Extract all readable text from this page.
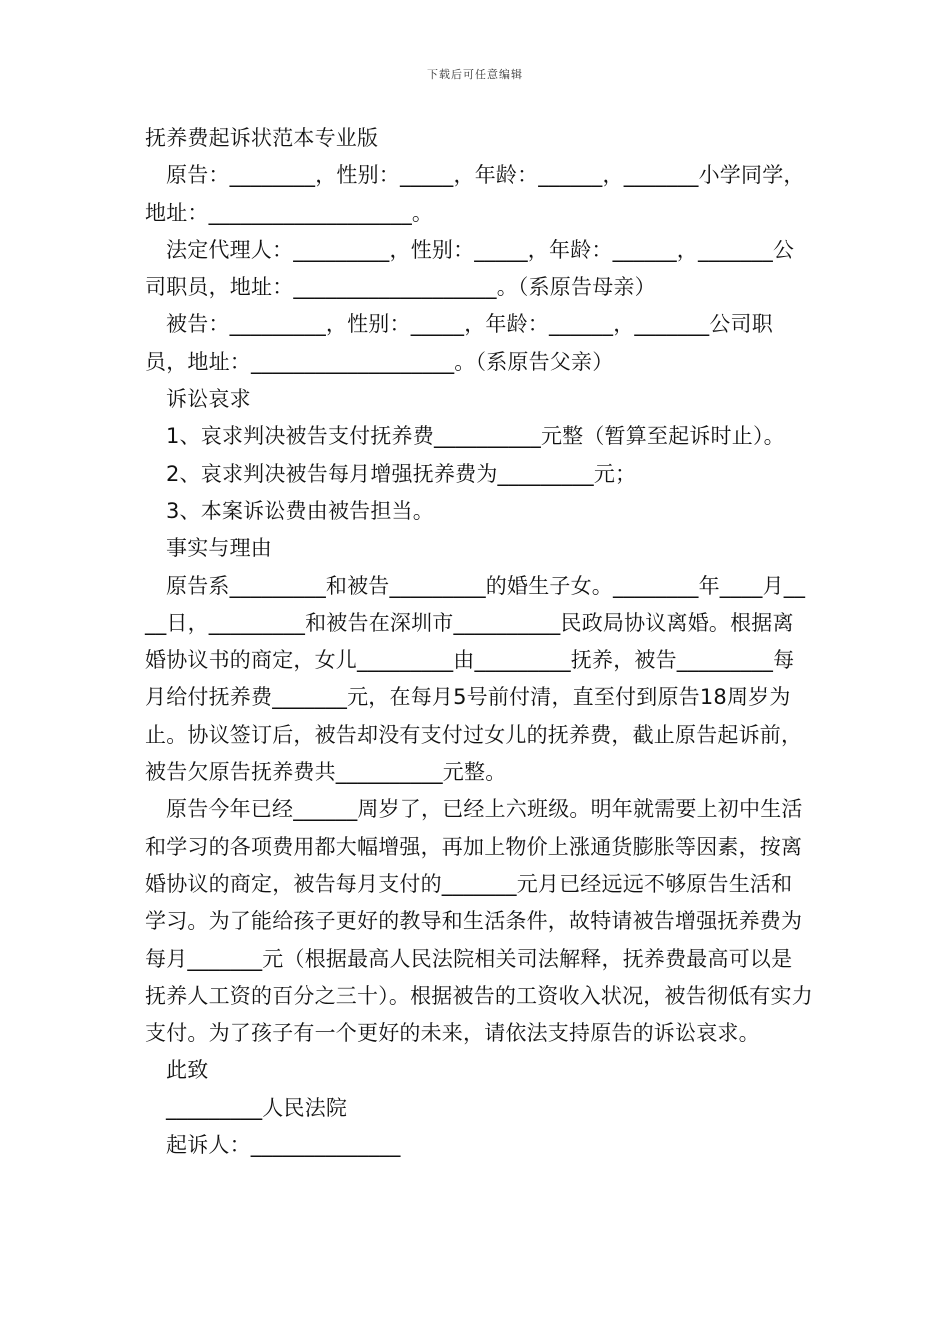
下载后可任意编辑

抚养费起诉状范本专业版

原告：________，性别：_____，年龄：______，_______小学同学，地址：___________________。

法定代理人：_________，性别：_____，年龄：______，_______公司职员，地址：___________________。（系原告母亲）

被告：_________，性别：_____，年龄：______，_______公司职员，地址：___________________。（系原告父亲）

诉讼哀求

1、哀求判决被告支付抚养费__________元整（暂算至起诉时止）。

2、哀求判决被告每月增强抚养费为_________元；

3、本案诉讼费由被告担当。

事实与理由

原告系_________和被告_________的婚生子女。________年____月____日，_________和被告在深圳市__________民政局协议离婚。根据离婚协议书的商定，女儿_________由_________抚养，被告_________每月给付抚养费_______元，在每月5号前付清，直至付到原告18周岁为止。协议签订后，被告却没有支付过女儿的抚养费，截止原告起诉前，被告欠原告抚养费共__________元整。

原告今年已经______周岁了，已经上六班级。明年就需要上初中生活和学习的各项费用都大幅增强，再加上物价上涨通货膨胀等因素，按离婚协议的商定，被告每月支付的_______元月已经远远不够原告生活和学习。为了能给孩子更好的教导和生活条件，故特请被告增强抚养费为每月_______元（根据最高人民法院相关司法解释，抚养费最高可以是抚养人工资的百分之三十）。根据被告的工资收入状况，被告彻低有实力支付。为了孩子有一个更好的未来，请依法支持原告的诉讼哀求。

此致

_________人民法院

起诉人：______________
